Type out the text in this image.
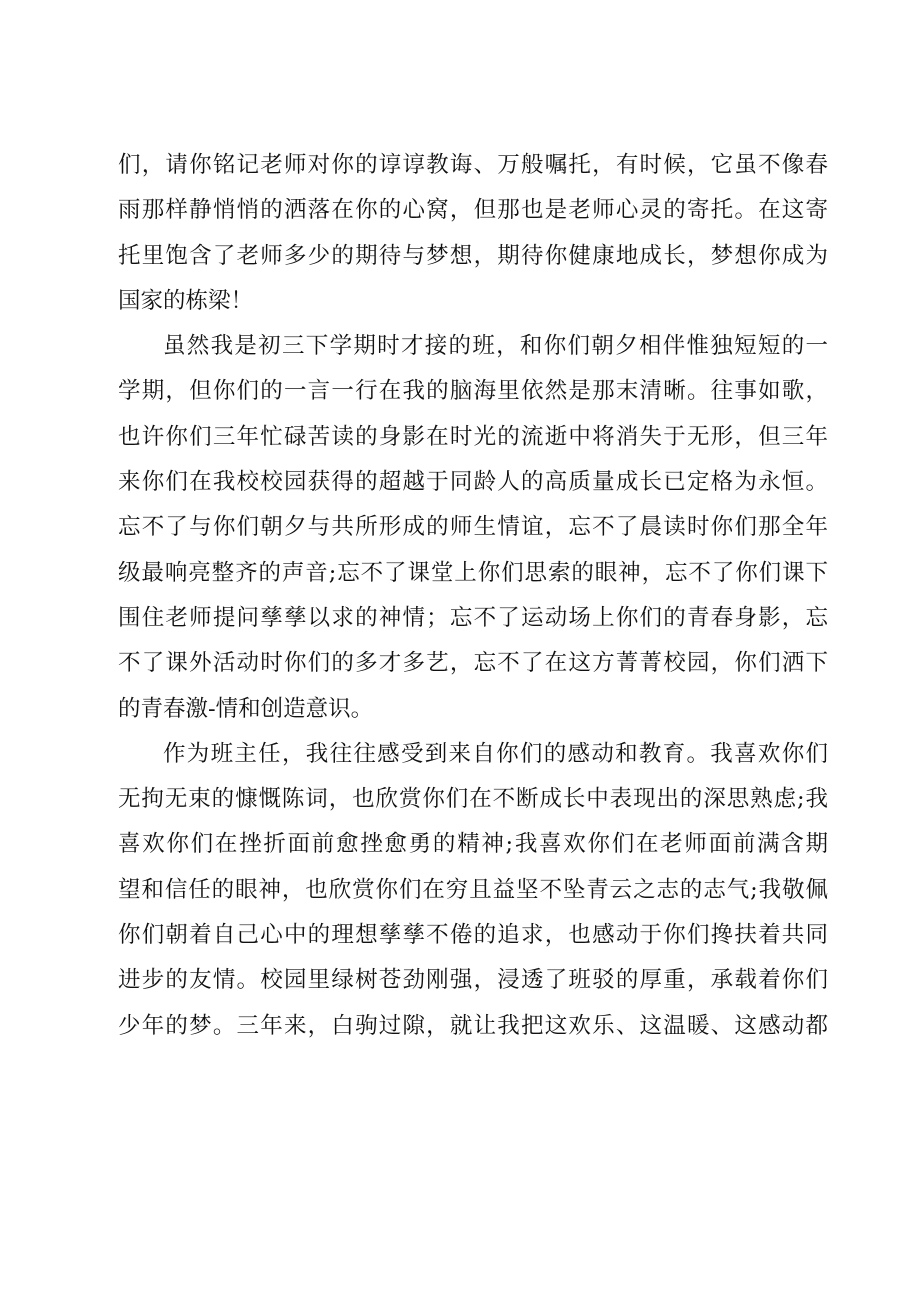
们，请你铭记老师对你的谆谆教诲、万般嘱托，有时候，它虽不像春
雨那样静悄悄的洒落在你的心窝，但那也是老师心灵的寄托。在这寄
托里饱含了老师多少的期待与梦想，期待你健康地成长，梦想你成为
国家的栋梁！
虽然我是初三下学期时才接的班，和你们朝夕相伴惟独短短的一
学期，但你们的一言一行在我的脑海里依然是那末清晰。往事如歌，
也许你们三年忙碌苦读的身影在时光的流逝中将消失于无形，但三年
来你们在我校校园获得的超越于同龄人的高质量成长已定格为永恒。
忘不了与你们朝夕与共所形成的师生情谊，忘不了晨读时你们那全年
级最响亮整齐的声音;忘不了课堂上你们思索的眼神，忘不了你们课下
围住老师提问孳孳以求的神情；忘不了运动场上你们的青春身影，忘
不了课外活动时你们的多才多艺，忘不了在这方菁菁校园，你们洒下
的青春激-情和创造意识。
作为班主任，我往往感受到来自你们的感动和教育。我喜欢你们
无拘无束的慷慨陈词，也欣赏你们在不断成长中表现出的深思熟虑;我
喜欢你们在挫折面前愈挫愈勇的精神;我喜欢你们在老师面前满含期
望和信任的眼神，也欣赏你们在穷且益坚不坠青云之志的志气;我敬佩
你们朝着自己心中的理想孳孳不倦的追求，也感动于你们搀扶着共同
进步的友情。校园里绿树苍劲刚强，浸透了班驳的厚重，承载着你们
少年的梦。三年来，白驹过隙，就让我把这欢乐、这温暖、这感动都
